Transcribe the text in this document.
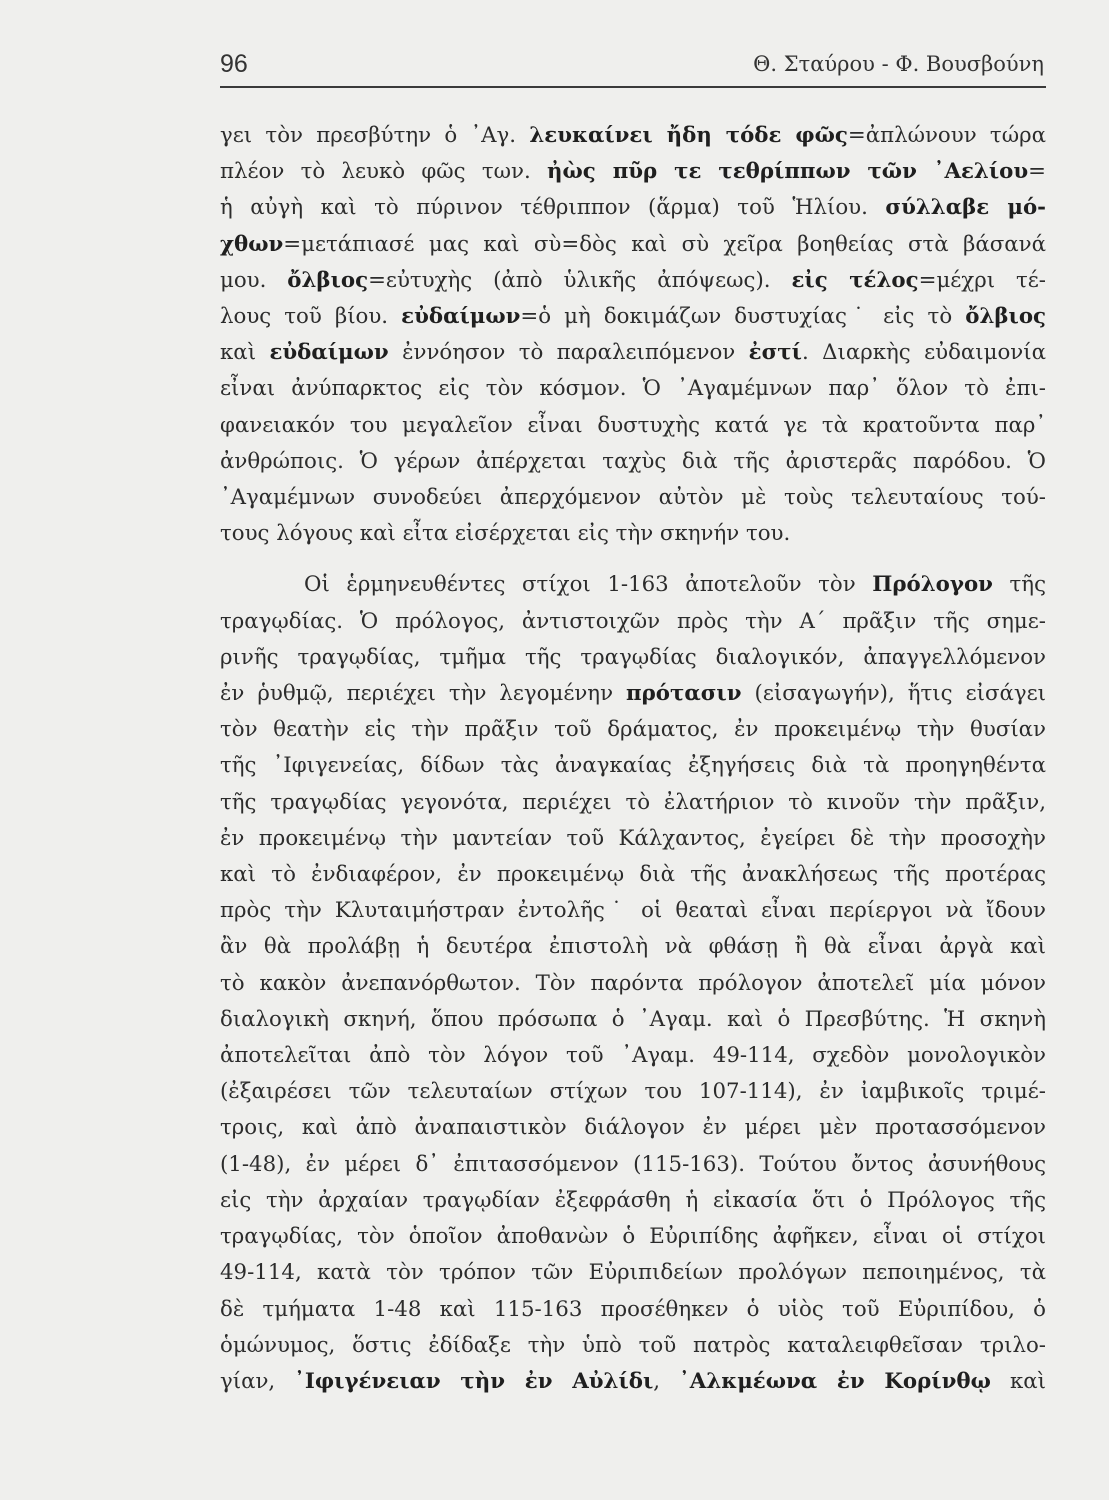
96	Θ. Σταύρου - Φ. Βουσβούνη

γει τὸν πρεσβύτην ὁ ᾿Αγ. λευκαίνει ἤδη τόδε φῶς=ἀπλώνουν τώρα
πλέον τὸ λευκὸ φῶς των. ἠὼς πῦρ τε τεθρίππων τῶν ᾿Αελίου=
ἡ αὐγὴ καὶ τὸ πύρινον τέθριππον (ἅρμα) τοῦ Ἡλίου. σύλλαβε μό-
χθων=μετάπιασέ μας καὶ σὺ=δὸς καὶ σὺ χεῖρα βοηθείας στὰ βάσανά
μου. ὄλβιος=εὐτυχὴς (ἀπὸ ὑλικῆς ἀπόψεως). εἰς τέλος=μέχρι τέ-
λους τοῦ βίου. εὐδαίμων=ὁ μὴ δοκιμάζων δυστυχίας˙ εἰς τὸ ὄλβιος
καὶ εὐδαίμων ἐννόησον τὸ παραλειπόμενον ἐστί. Διαρκὴς εὐδαιμονία
εἶναι ἀνύπαρκτος εἰς τὸν κόσμον. Ὁ ᾿Αγαμέμνων παρ᾿ ὅλον τὸ ἐπι-
φανειακόν του μεγαλεῖον εἶναι δυστυχὴς κατά γε τὰ κρατοῦντα παρ᾿
ἀνθρώποις. Ὁ γέρων ἀπέρχεται ταχὺς διὰ τῆς ἀριστερᾶς παρόδου. Ὁ
᾿Αγαμέμνων συνοδεύει ἀπερχόμενον αὐτὸν μὲ τοὺς τελευταίους τού-
τους λόγους καὶ εἶτα εἰσέρχεται εἰς τὴν σκηνήν του.

Οἱ ἑρμηνευθέντες στίχοι 1-163 ἀποτελοῦν τὸν Πρόλογον τῆς
τραγῳδίας. Ὁ πρόλογος, ἀντιστοιχῶν πρὸς τὴν Α΄ πρᾶξιν τῆς σημε-
ρινῆς τραγῳδίας, τμῆμα τῆς τραγῳδίας διαλογικόν, ἀπαγγελλόμενον
ἐν ῥυθμῷ, περιέχει τὴν λεγομένην πρότασιν (εἰσαγωγήν), ἥτις εἰσάγει
τὸν θεατὴν εἰς τὴν πρᾶξιν τοῦ δράματος, ἐν προκειμένῳ τὴν θυσίαν
τῆς ᾿Ιφιγενείας, δίδων τὰς ἀναγκαίας ἐξηγήσεις διὰ τὰ προηγηθέντα
τῆς τραγῳδίας γεγονότα, περιέχει τὸ ἐλατήριον τὸ κινοῦν τὴν πρᾶξιν,
ἐν προκειμένῳ τὴν μαντείαν τοῦ Κάλχαντος, ἐγείρει δὲ τὴν προσοχὴν
καὶ τὸ ἐνδιαφέρον, ἐν προκειμένῳ διὰ τῆς ἀνακλήσεως τῆς προτέρας
πρὸς τὴν Κλυταιμήστραν ἐντολῆς˙ οἱ θεαταὶ εἶναι περίεργοι νὰ ἴδουν
ἂν θὰ προλάβῃ ἡ δευτέρα ἐπιστολὴ νὰ φθάσῃ ἢ θὰ εἶναι ἀργὰ καὶ
τὸ κακὸν ἀνεπανόρθωτον. Τὸν παρόντα πρόλογον ἀποτελεῖ μία μόνον
διαλογικὴ σκηνή, ὅπου πρόσωπα ὁ ᾿Αγαμ. καὶ ὁ Πρεσβύτης. Ἡ σκηνὴ
ἀποτελεῖται ἀπὸ τὸν λόγον τοῦ ᾿Αγαμ. 49-114, σχεδὸν μονολογικὸν
(ἐξαιρέσει τῶν τελευταίων στίχων του 107-114), ἐν ἰαμβικοῖς τριμέ-
τροις, καὶ ἀπὸ ἀναπαιστικὸν διάλογον ἐν μέρει μὲν προτασσόμενον
(1-48), ἐν μέρει δ᾿ ἐπιτασσόμενον (115-163). Τούτου ὄντος ἀσυνήθους
εἰς τὴν ἀρχαίαν τραγῳδίαν ἐξεφράσθη ἡ εἰκασία ὅτι ὁ Πρόλογος τῆς
τραγῳδίας, τὸν ὁποῖον ἀποθανὼν ὁ Εὐριπίδης ἀφῆκεν, εἶναι οἱ στίχοι
49-114, κατὰ τὸν τρόπον τῶν Εὐριπιδείων προλόγων πεποιημένος, τὰ
δὲ τμήματα 1-48 καὶ 115-163 προσέθηκεν ὁ υἱὸς τοῦ Εὐριπίδου, ὁ
ὁμώνυμος, ὅστις ἐδίδαξε τὴν ὑπὸ τοῦ πατρὸς καταλειφθεῖσαν τριλο-
γίαν, ᾿Ιφιγένειαν τὴν ἐν Αὐλίδι, ᾿Αλκμέωνα ἐν Κορίνθῳ καὶ
